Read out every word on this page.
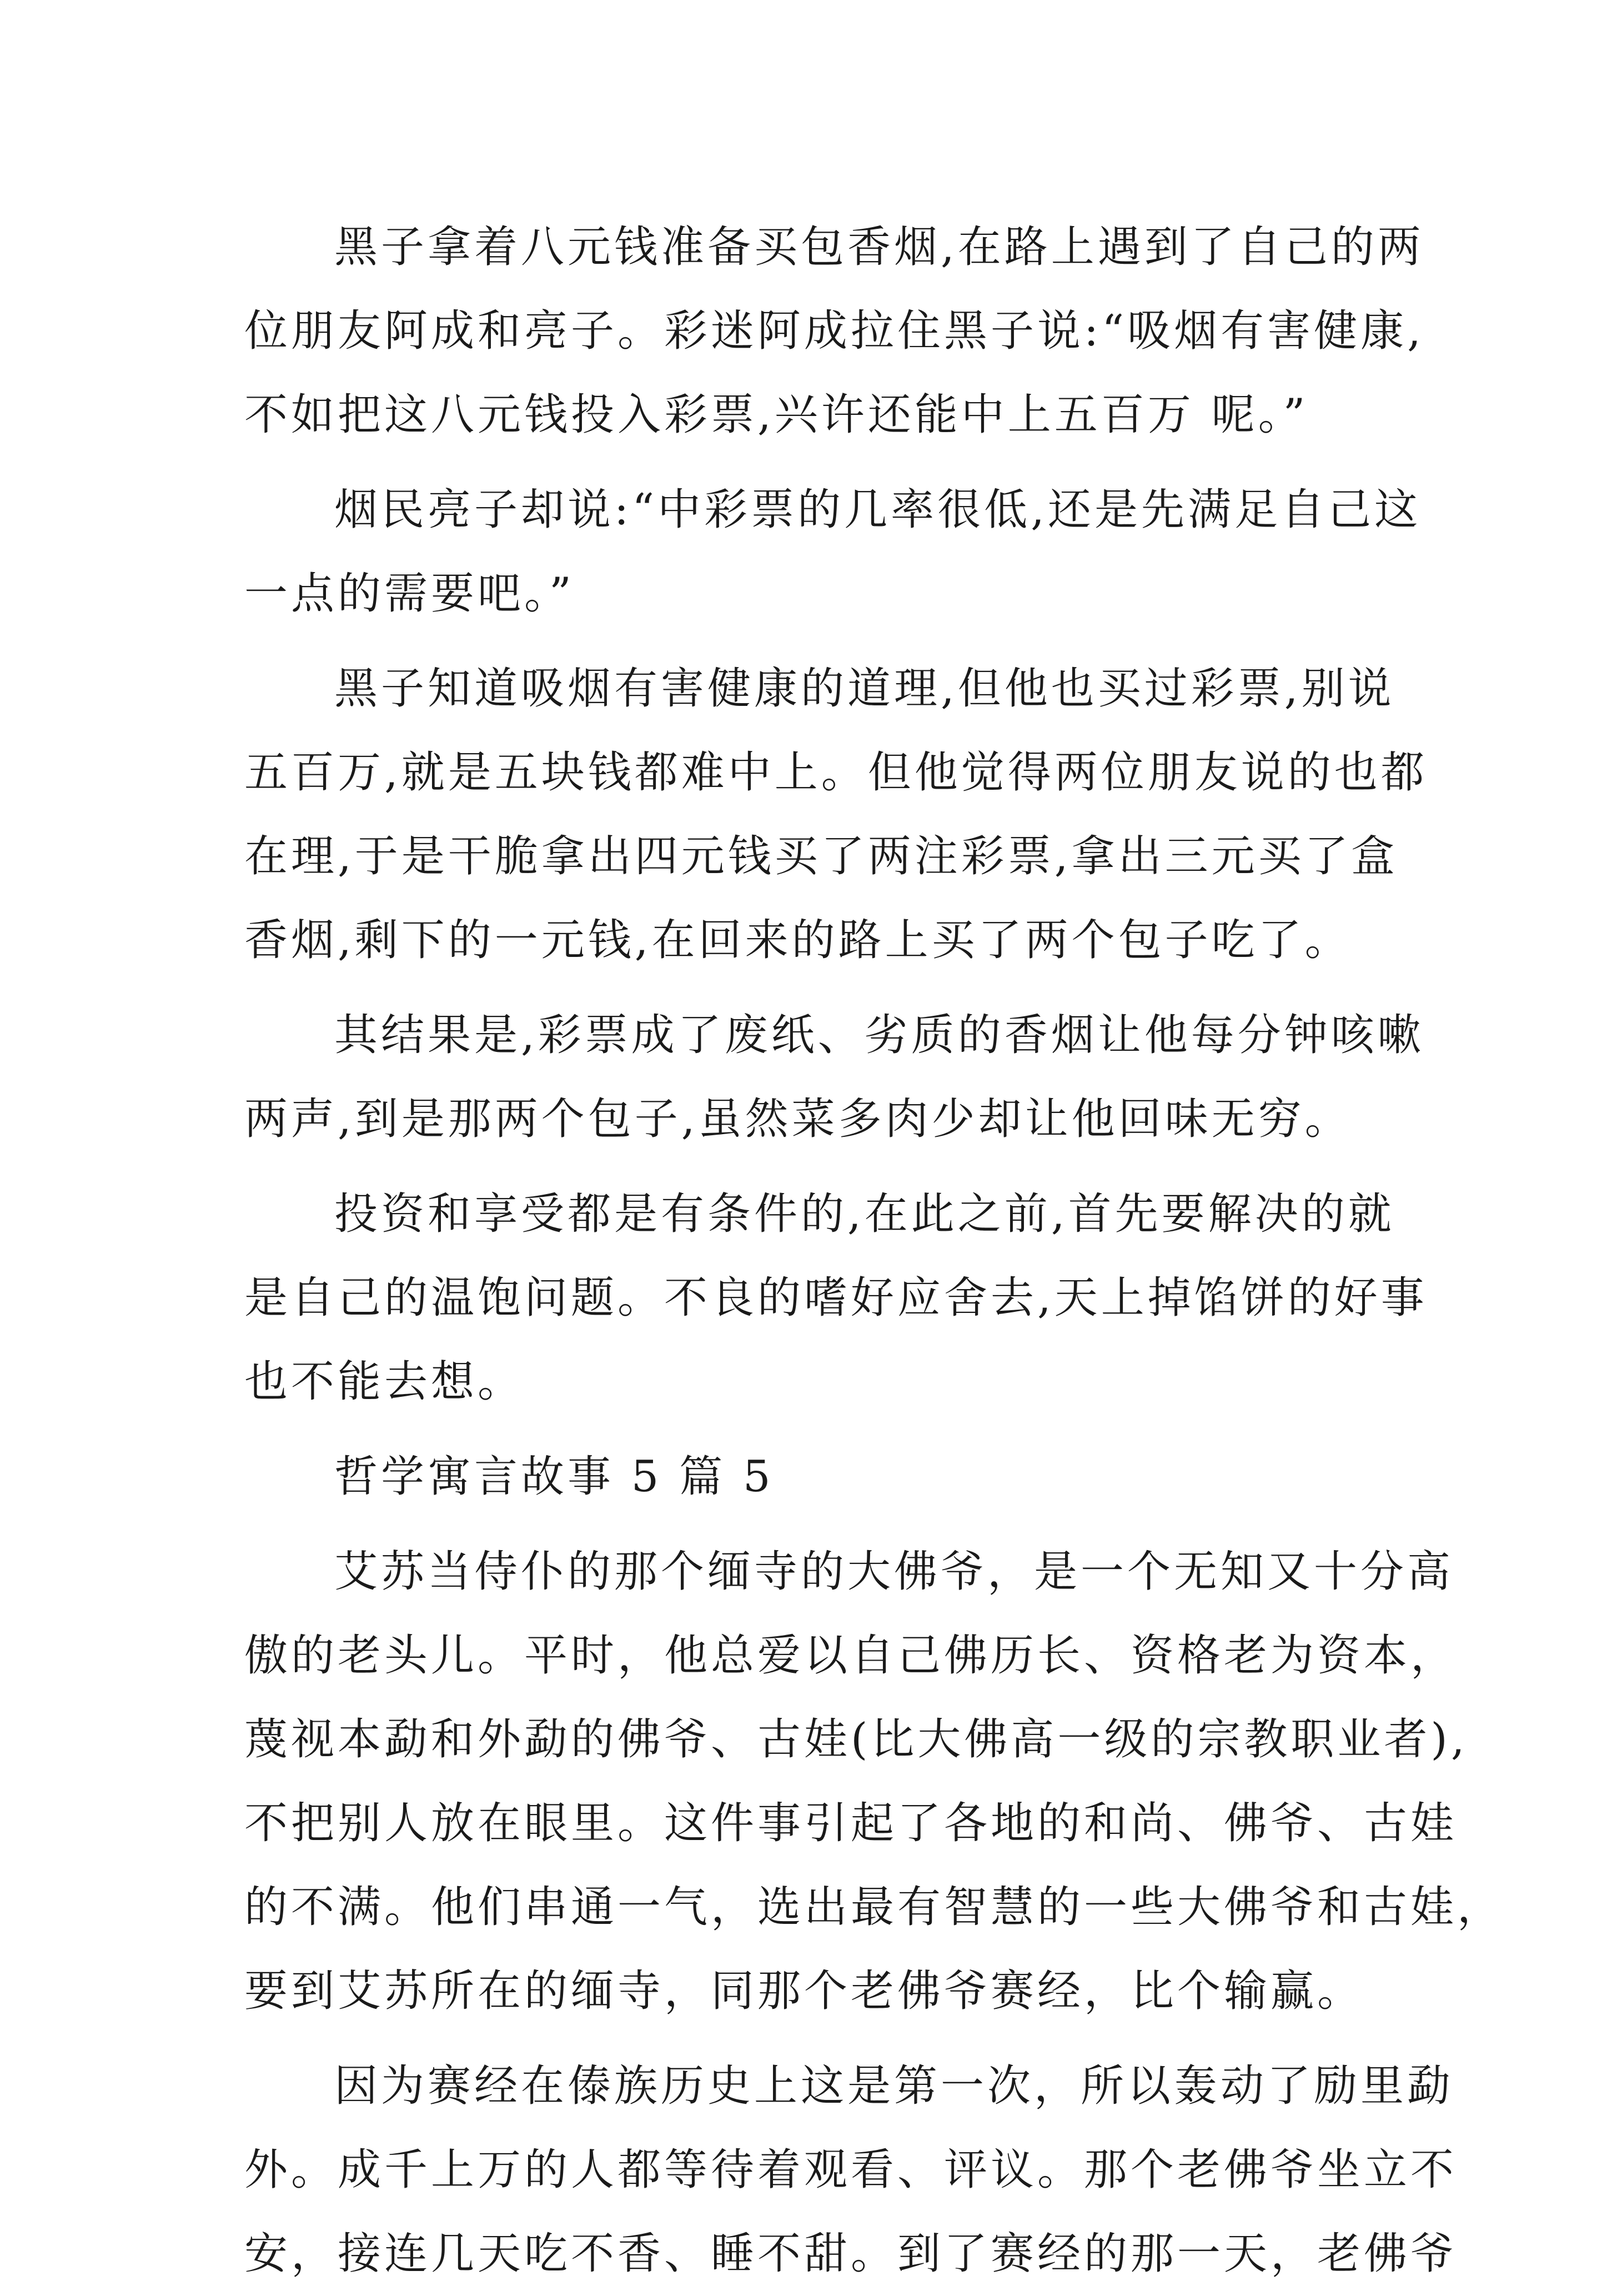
黑子拿着八元钱准备买包香烟,在路上遇到了自己的两
位朋友阿成和亮子。彩迷阿成拉住黑子说:“吸烟有害健康,
不如把这八元钱投入彩票,兴许还能中上五百万 呢。”
烟民亮子却说:“中彩票的几率很低,还是先满足自己这
一点的需要吧。”
黑子知道吸烟有害健康的道理,但他也买过彩票,别说
五百万,就是五块钱都难中上。但他觉得两位朋友说的也都
在理,于是干脆拿出四元钱买了两注彩票,拿出三元买了盒
香烟,剩下的一元钱,在回来的路上买了两个包子吃了。
其结果是,彩票成了废纸、劣质的香烟让他每分钟咳嗽
两声,到是那两个包子,虽然菜多肉少却让他回味无穷。
投资和享受都是有条件的,在此之前,首先要解决的就
是自己的温饱问题。不良的嗜好应舍去,天上掉馅饼的好事
也不能去想。
哲学寓言故事 5 篇 5
艾苏当侍仆的那个缅寺的大佛爷，是一个无知又十分高
傲的老头儿。平时，他总爱以自己佛历长、资格老为资本，
蔑视本勐和外勐的佛爷、古娃(比大佛高一级的宗教职业者),
不把别人放在眼里。这件事引起了各地的和尚、佛爷、古娃
的不满。他们串通一气，选出最有智慧的一些大佛爷和古娃，
要到艾苏所在的缅寺，同那个老佛爷赛经，比个输赢。
因为赛经在傣族历史上这是第一次，所以轰动了励里勐
外。成千上万的人都等待着观看、评议。那个老佛爷坐立不
安，接连几天吃不香、睡不甜。到了赛经的那一天，老佛爷
